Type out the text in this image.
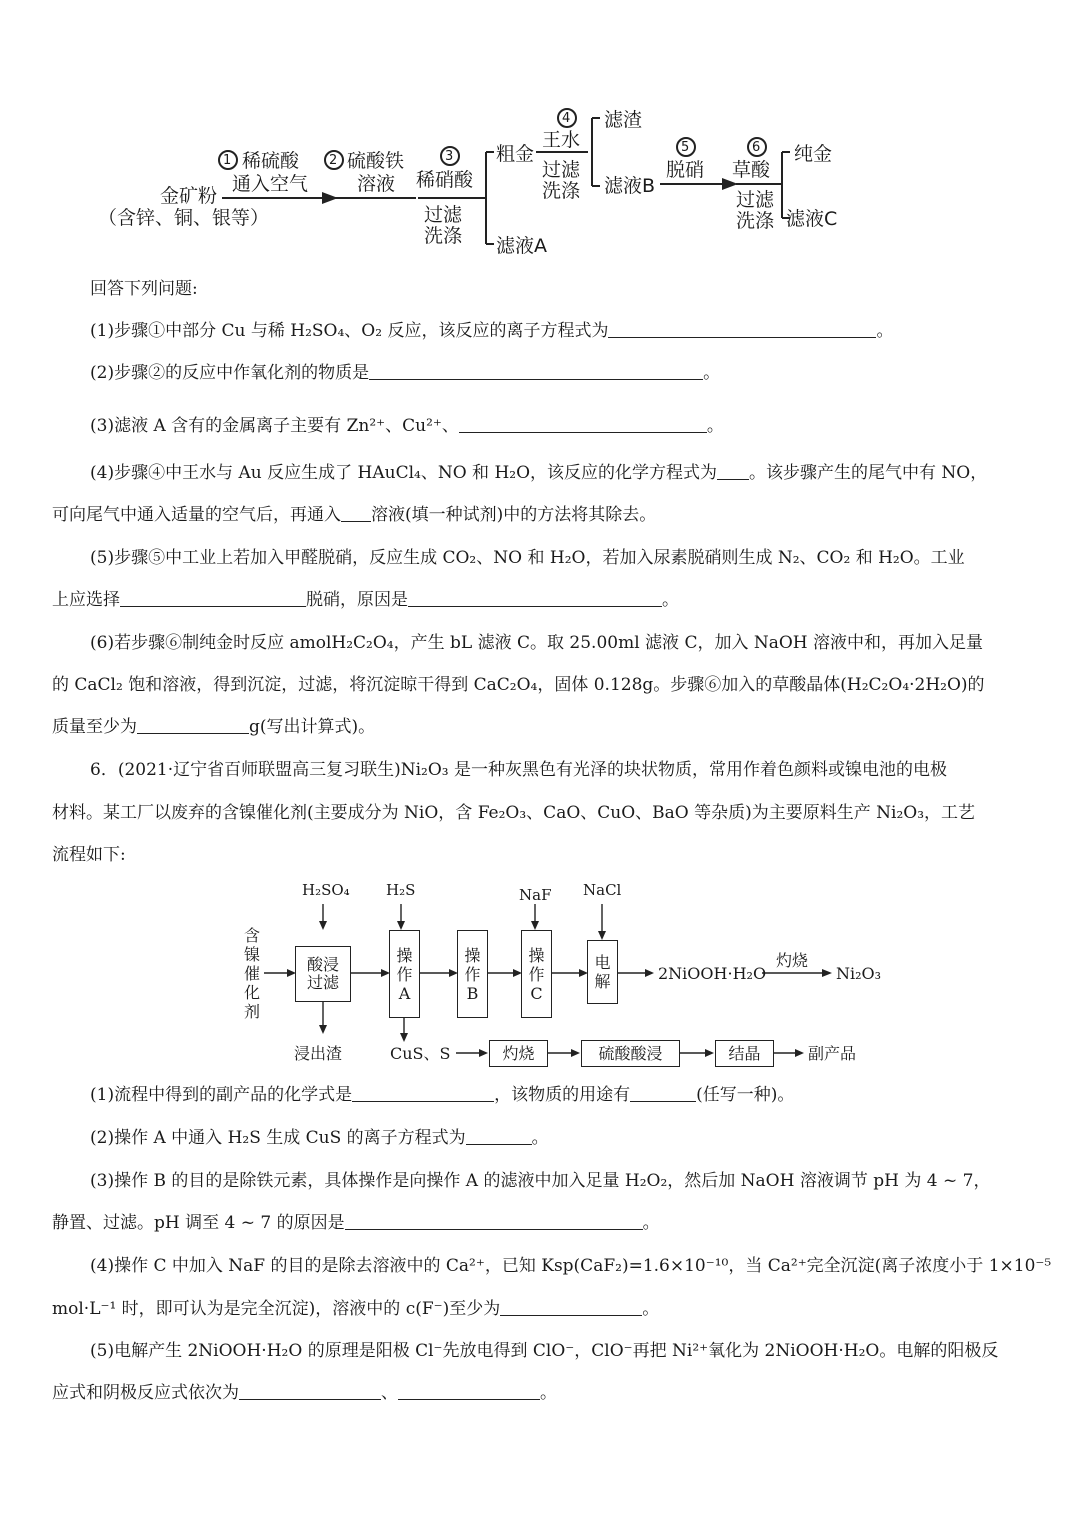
金矿粉
（含锌、铜、银等）
1 稀硫酸
通入空气
2 硫酸铁
溶液
3
稀硝酸
过滤
洗涤
粗金
滤液A
4
王水
过滤
洗涤
滤渣
滤液B
5
脱硝
6
草酸
过滤
洗涤
纯金
滤液C
回答下列问题:
(1)步骤①中部分 Cu 与稀 H₂SO₄、O₂ 反应，该反应的离子方程式为	。
(2)步骤②的反应中作氧化剂的物质是	。
(3)滤液 A 含有的金属离子主要有 Zn²⁺、Cu²⁺、	。
(4)步骤④中王水与 Au 反应生成了 HAuCl₄、NO 和 H₂O，该反应的化学方程式为 。该步骤产生的尾气中有 NO，
可向尾气中通入适量的空气后，再通入 溶液(填一种试剂)中的方法将其除去。
(5)步骤⑤中工业上若加入甲醛脱硝，反应生成 CO₂、NO 和 H₂O，若加入尿素脱硝则生成 N₂、CO₂ 和 H₂O。工业
上应选择	脱硝，原因是	。
(6)若步骤⑥制纯金时反应 amolH₂C₂O₄，产生 bL 滤液 C。取 25.00ml 滤液 C，加入 NaOH 溶液中和，再加入足量
的 CaCl₂ 饱和溶液，得到沉淀，过滤，将沉淀晾干得到 CaC₂O₄，固体 0.128g。步骤⑥加入的草酸晶体(H₂C₂O₄·2H₂O)的
质量至少为	g(写出计算式)。
6．(2021·辽宁省百师联盟高三复习联生)Ni₂O₃ 是一种灰黑色有光泽的块状物质，常用作着色颜料或镍电池的电极
材料。某工厂以废弃的含镍催化剂(主要成分为 NiO，含 Fe₂O₃、CaO、CuO、BaO 等杂质)为主要原料生产 Ni₂O₃，工艺
流程如下:
含镍催化剂
H₂SO₄ H₂S	NaF NaCl
酸浸
过滤
操作A
操作B
操作C
电解	2NiOOH·H₂O
灼烧
Ni₂O₃
浸出渣	CuS、S	灼烧	硫酸酸浸	结晶	副产品
(1)流程中得到的副产品的化学式是	，该物质的用途有	(任写一种)。
(2)操作 A 中通入 H₂S 生成 CuS 的离子方程式为	。
(3)操作 B 的目的是除铁元素，具体操作是向操作 A 的滤液中加入足量 H₂O₂，然后加 NaOH 溶液调节 pH 为 4 ~ 7，
静置、过滤。pH 调至 4 ~ 7 的原因是	。
(4)操作 C 中加入 NaF 的目的是除去溶液中的 Ca²⁺，已知 Ksp(CaF₂)=1.6×10⁻¹⁰，当 Ca²⁺完全沉淀(离子浓度小于 1×10⁻⁵
mol·L⁻¹ 时，即可认为是完全沉淀)，溶液中的 c(F⁻)至少为	。
(5)电解产生 2NiOOH·H₂O 的原理是阳极 Cl⁻先放电得到 ClO⁻，ClO⁻再把 Ni²⁺氧化为 2NiOOH·H₂O。电解的阳极反
应式和阴极反应式依次为	、	。
